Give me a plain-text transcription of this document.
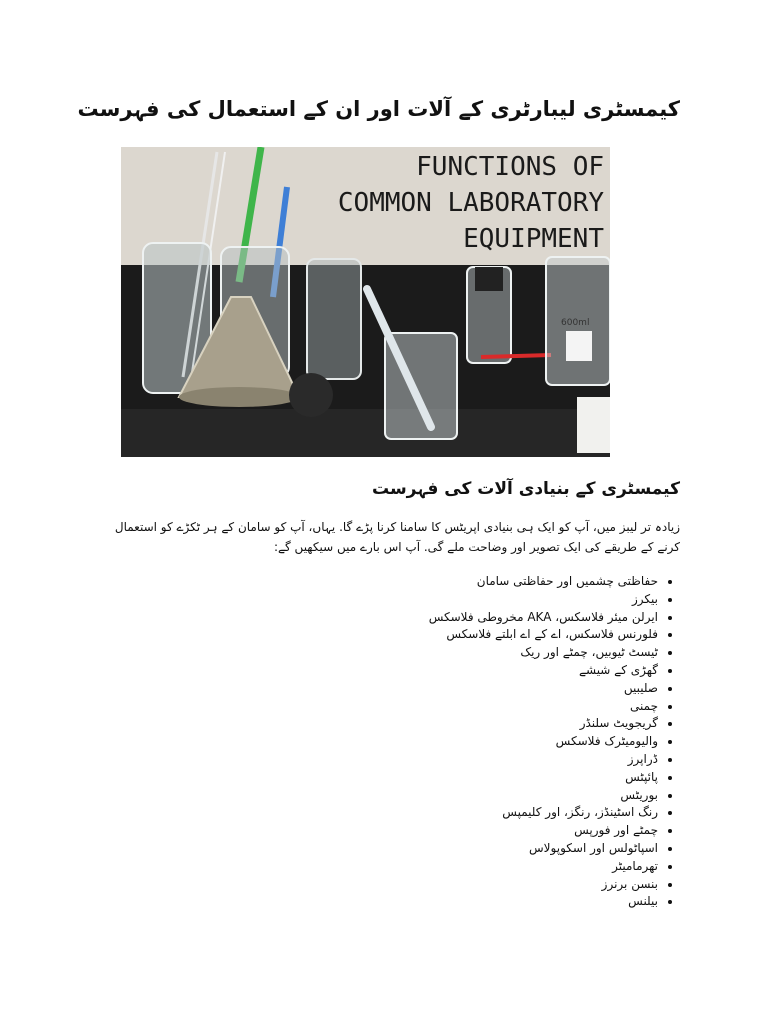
کیمسٹری لیبارٹری کے آلات اور ان کے استعمال کی فہرست
600ml
FUNCTIONS OF
COMMON LABORATORY
EQUIPMENT
کیمسٹری کے بنیادی آلات کی فہرست

زیادہ تر لیبز میں، آپ کو ایک ہی بنیادی اپریٹس کا سامنا کرنا پڑے گا. یہاں، آپ کو سامان کے ہر ٹکڑے کو استعمال کرنے کے طریقے کی ایک تصویر اور وضاحت ملے گی. آپ اس بارے میں سیکھیں گے:

• حفاظتی چشمیں اور حفاظتی سامان
• بیکرز
• ایرلن میئر فلاسکس، AKA مخروطی فلاسکس
• فلورنس فلاسکس، اے کے اے ابلتے فلاسکس
• ٹیسٹ ٹیوبیں، چمٹے اور ریک
• گھڑی کے شیشے
• صلیبیں
• چمنی
• گریجویٹ سلنڈر
• والیومیٹرک فلاسکس
• ڈراپرز
• پائپٹس
• بوریٹس
• رنگ اسٹینڈز، رنگز، اور کلیمپس
• چمٹے اور فورپس
• اسپاٹولس اور اسکوپولاس
• تھرمامیٹر
• بنسن برنرز
• بیلنس
